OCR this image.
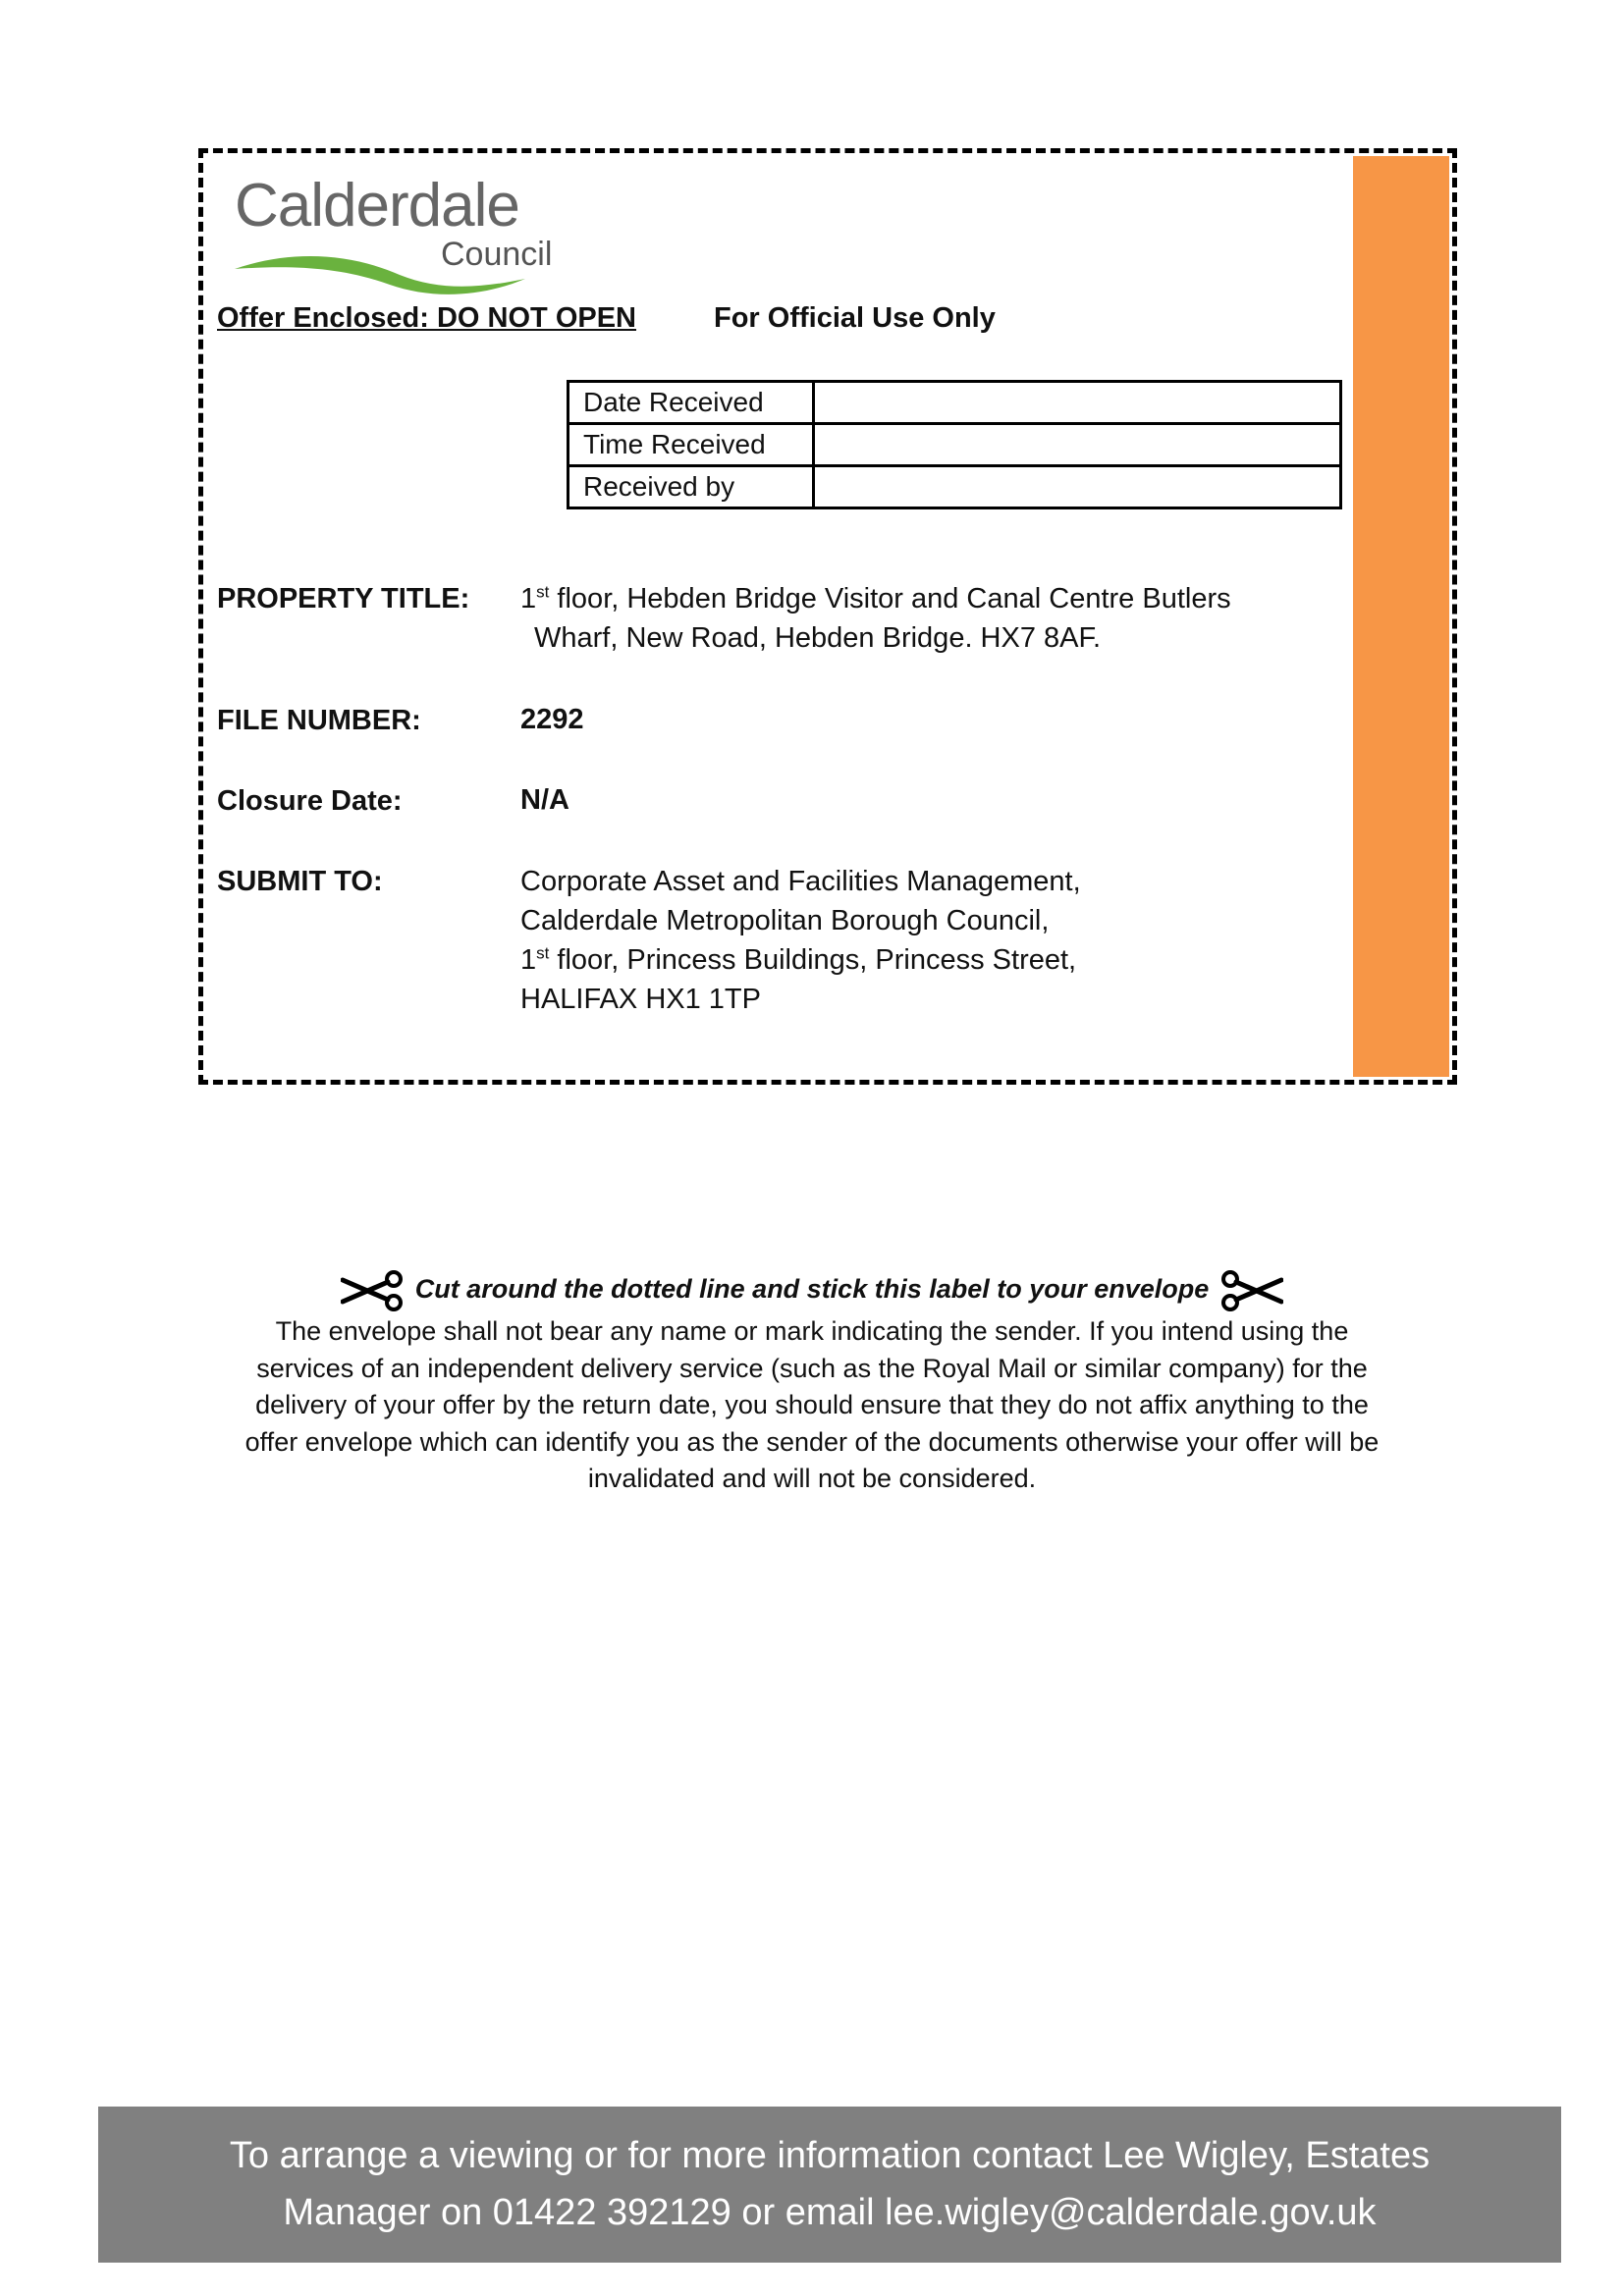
Calderdale
Council
Offer Enclosed: DO NOT OPEN	For Official Use Only
Date Received	
Time Received	
Received by	
PROPERTY TITLE: 1st floor, Hebden Bridge Visitor and Canal Centre Butlers
Wharf, New Road, Hebden Bridge. HX7 8AF.
FILE NUMBER:	2292
Closure Date:	N/A
SUBMIT TO:	Corporate Asset and Facilities Management,
Calderdale Metropolitan Borough Council,
1st floor, Princess Buildings, Princess Street,
HALIFAX HX1 1TP
Cut around the dotted line and stick this label to your envelope
The envelope shall not bear any name or mark indicating the sender. If you intend using the
services of an independent delivery service (such as the Royal Mail or similar company) for the
delivery of your offer by the return date, you should ensure that they do not affix anything to the
offer envelope which can identify you as the sender of the documents otherwise your offer will be
invalidated and will not be considered.
To arrange a viewing or for more information contact Lee Wigley, Estates
Manager on 01422 392129 or email lee.wigley@calderdale.gov.uk
